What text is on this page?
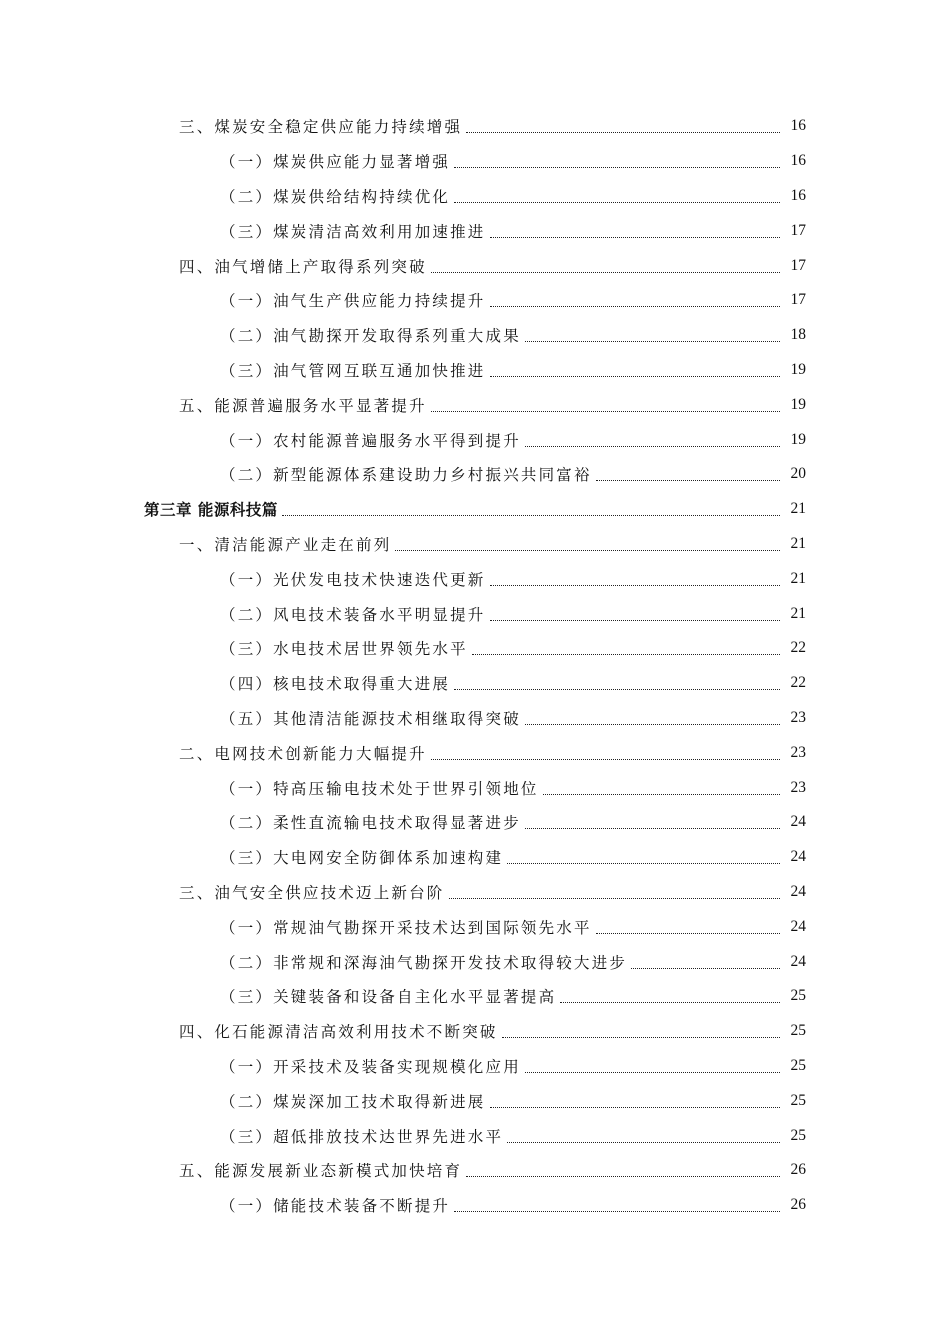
三、煤炭安全稳定供应能力持续增强	16
（一）煤炭供应能力显著增强	16
（二）煤炭供给结构持续优化	16
（三）煤炭清洁高效利用加速推进	17
四、油气增储上产取得系列突破	17
（一）油气生产供应能力持续提升	17
（二）油气勘探开发取得系列重大成果	18
（三）油气管网互联互通加快推进	19
五、能源普遍服务水平显著提升	19
（一）农村能源普遍服务水平得到提升	19
（二）新型能源体系建设助力乡村振兴共同富裕	20
第三章 能源科技篇	21
一、清洁能源产业走在前列	21
（一）光伏发电技术快速迭代更新	21
（二）风电技术装备水平明显提升	21
（三）水电技术居世界领先水平	22
（四）核电技术取得重大进展	22
（五）其他清洁能源技术相继取得突破	23
二、电网技术创新能力大幅提升	23
（一）特高压输电技术处于世界引领地位	23
（二）柔性直流输电技术取得显著进步	24
（三）大电网安全防御体系加速构建	24
三、油气安全供应技术迈上新台阶	24
（一）常规油气勘探开采技术达到国际领先水平	24
（二）非常规和深海油气勘探开发技术取得较大进步	24
（三）关键装备和设备自主化水平显著提高	25
四、化石能源清洁高效利用技术不断突破	25
（一）开采技术及装备实现规模化应用	25
（二）煤炭深加工技术取得新进展	25
（三）超低排放技术达世界先进水平	25
五、能源发展新业态新模式加快培育	26
（一）储能技术装备不断提升	26
